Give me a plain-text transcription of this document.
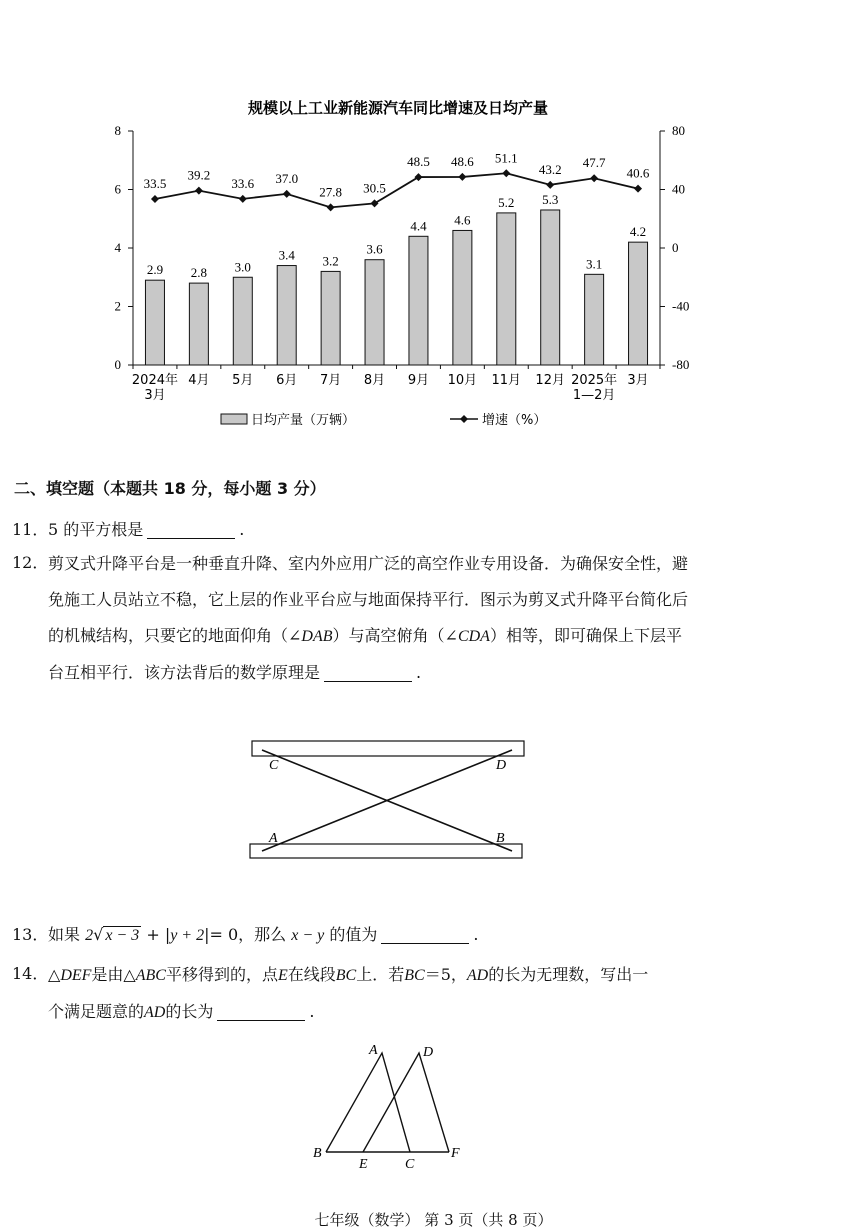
规模以上工业新能源汽车同比增速及日均产量
0
2
4
6
8
-80
-40
0
40
80
2024年
3月
4月 5月 6月 7月 8月 9月 10月 11月 12月 2025年
1—2月
3月
2.9 2.8 3.0
3.4 3.2
3.6
4.4 4.6
5.2 5.3
3.1
4.2
33.5
39.2
33.6 37.0
27.8 30.5
48.5 48.6 51.1
43.2 47.7
40.6
日均产量（万辆）	增速（%）
二、填空题（本题共 18 分，每小题 3 分）
11． 5 的平方根是	.
12． 剪叉式升降平台是一种垂直升降、室内外应用广泛的高空作业专用设备．为确保安全性，避
免施工人员站立不稳，它上层的作业平台应与地面保持平行．图示为剪叉式升降平台简化后
的机械结构，只要它的地面仰角（∠DAB）与高空俯角（∠CDA）相等，即可确保上下层平
台互相平行．该方法背后的数学原理是	.
C	D
A	B
13． 如果 2√ x − 3 + |y + 2|= 0，那么 x − y 的值为	.
14． △DEF是由△ABC平移得到的，点E在线段BC上．若BC＝5，AD的长为无理数，写出一
个满足题意的AD的长为	.
A	D
B
E	C
F
七年级（数学） 第 3 页（共 8 页）
